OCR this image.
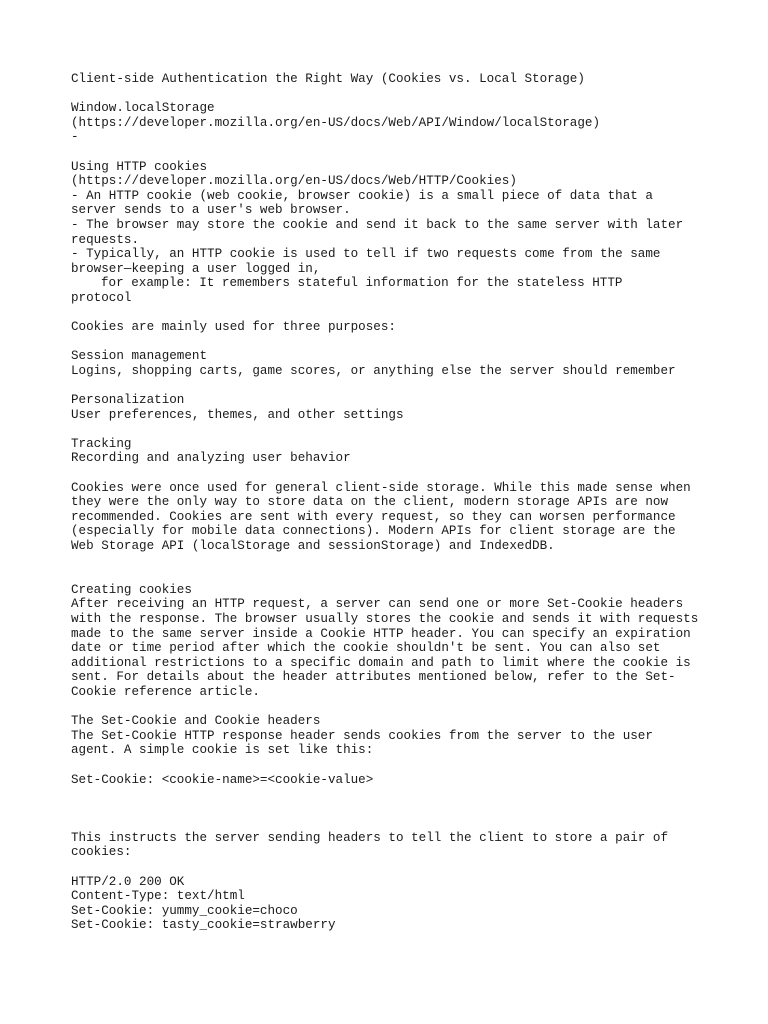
Client-side Authentication the Right Way (Cookies vs. Local Storage)
Window.localStorage
(https://developer.mozilla.org/en-US/docs/Web/API/Window/localStorage)
-
Using HTTP cookies
(https://developer.mozilla.org/en-US/docs/Web/HTTP/Cookies)
- An HTTP cookie (web cookie, browser cookie) is a small piece of data that a
server sends to a user's web browser.
- The browser may store the cookie and send it back to the same server with later
requests.
- Typically, an HTTP cookie is used to tell if two requests come from the same
browser—keeping a user logged in,
for example: It remembers stateful information for the stateless HTTP
protocol
Cookies are mainly used for three purposes:
Session management
Logins, shopping carts, game scores, or anything else the server should remember
Personalization
User preferences, themes, and other settings
Tracking
Recording and analyzing user behavior
Cookies were once used for general client-side storage. While this made sense when
they were the only way to store data on the client, modern storage APIs are now
recommended. Cookies are sent with every request, so they can worsen performance
(especially for mobile data connections). Modern APIs for client storage are the
Web Storage API (localStorage and sessionStorage) and IndexedDB.
Creating cookies
After receiving an HTTP request, a server can send one or more Set-Cookie headers
with the response. The browser usually stores the cookie and sends it with requests
made to the same server inside a Cookie HTTP header. You can specify an expiration
date or time period after which the cookie shouldn't be sent. You can also set
additional restrictions to a specific domain and path to limit where the cookie is
sent. For details about the header attributes mentioned below, refer to the Set-
Cookie reference article.
The Set-Cookie and Cookie headers
The Set-Cookie HTTP response header sends cookies from the server to the user
agent. A simple cookie is set like this:
Set-Cookie: <cookie-name>=<cookie-value>
This instructs the server sending headers to tell the client to store a pair of
cookies:
HTTP/2.0 200 OK
Content-Type: text/html
Set-Cookie: yummy_cookie=choco
Set-Cookie: tasty_cookie=strawberry
